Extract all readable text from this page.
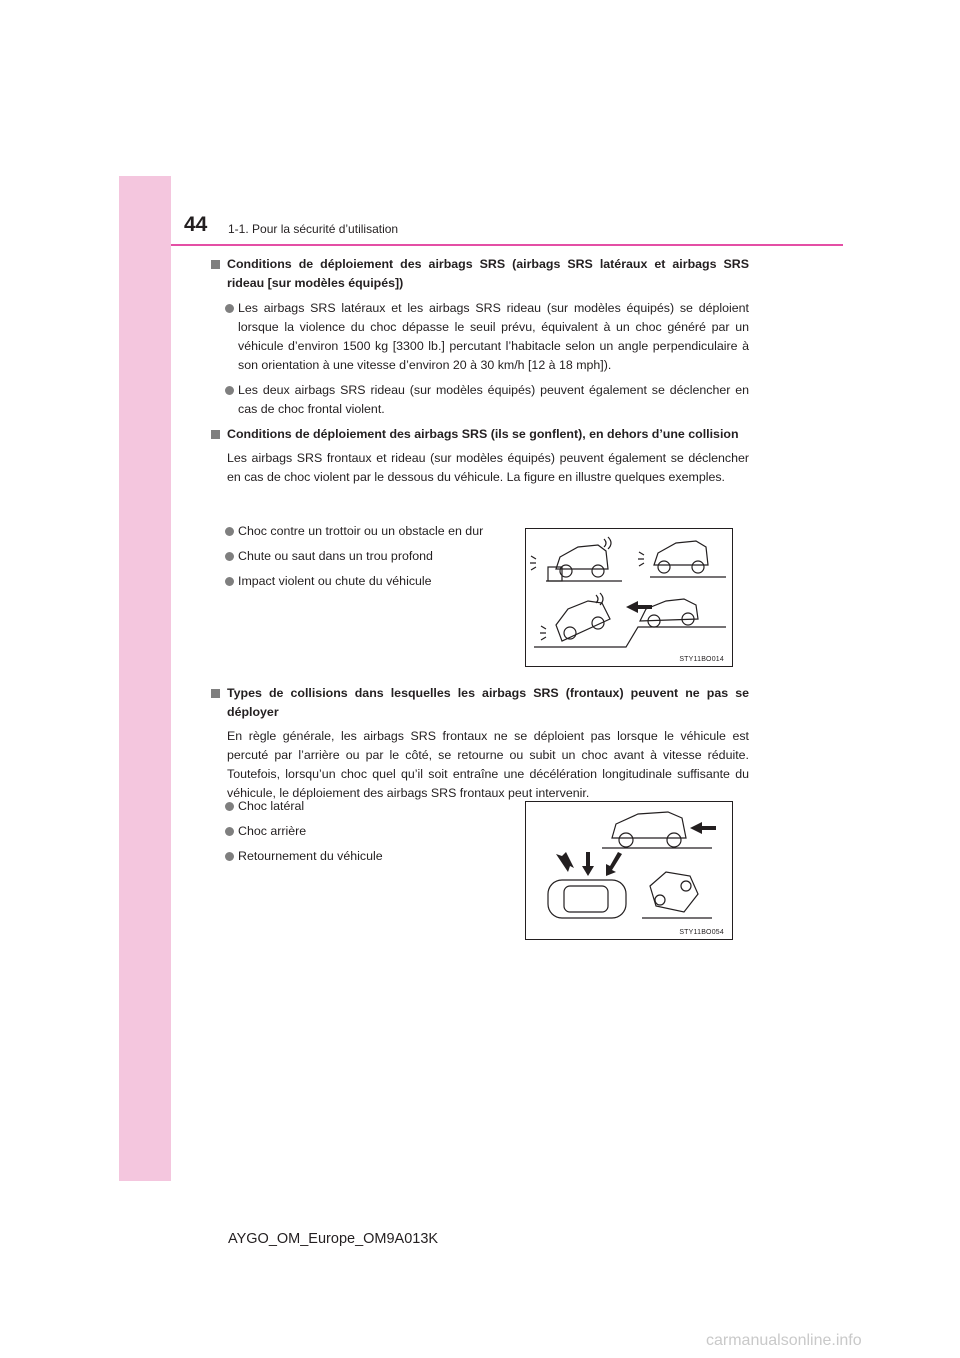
44 1-1. Pour la sécurité d’utilisation
Conditions de déploiement des airbags SRS (airbags SRS latéraux et airbags SRS rideau [sur modèles équipés])
Les airbags SRS latéraux et les airbags SRS rideau (sur modèles équipés) se déploient lorsque la violence du choc dépasse le seuil prévu, équivalent à un choc généré par un véhicule d’environ 1500 kg [3300 lb.] percutant l’habitacle selon un angle perpendiculaire à son orientation à une vitesse d’environ 20 à 30 km/h [12 à 18 mph]).
Les deux airbags SRS rideau (sur modèles équipés) peuvent également se déclencher en cas de choc frontal violent.
Conditions de déploiement des airbags SRS (ils se gonflent), en dehors d’une collision
Les airbags SRS frontaux et rideau (sur modèles équipés) peuvent également se déclencher en cas de choc violent par le dessous du véhicule. La figure en illustre quelques exemples.
Choc contre un trottoir ou un obstacle en dur
Chute ou saut dans un trou profond
Impact violent ou chute du véhicule
STY11BO014
Types de collisions dans lesquelles les airbags SRS (frontaux) peuvent ne pas se déployer
En règle générale, les airbags SRS frontaux ne se déploient pas lorsque le véhicule est percuté par l’arrière ou par le côté, se retourne ou subit un choc avant à vitesse réduite. Toutefois, lorsqu’un choc quel qu’il soit entraîne une décélération longitudinale suffisante du véhicule, le déploiement des airbags SRS frontaux peut intervenir.
Choc latéral
Choc arrière
Retournement du véhicule
STY11BO054
AYGO_OM_Europe_OM9A013K
carmanualsonline.info
